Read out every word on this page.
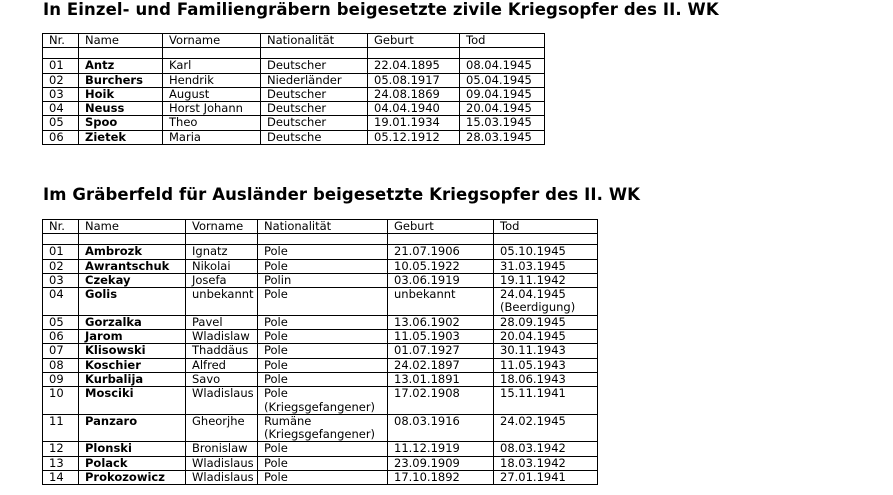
In Einzel- und Familiengräbern beigesetzte zivile Kriegsopfer des II. WK
Nr.	Name	Vorname	Nationalität	Geburt	Tod

01	Antz	Karl	Deutscher	22.04.1895	08.04.1945
02	Burchers	Hendrik	Niederländer	05.08.1917	05.04.1945
03	Hoik	August	Deutscher	24.08.1869	09.04.1945
04	Neuss	Horst Johann	Deutscher	04.04.1940	20.04.1945
05	Spoo	Theo	Deutscher	19.01.1934	15.03.1945
06	Zietek	Maria	Deutsche	05.12.1912	28.03.1945
Im Gräberfeld für Ausländer beigesetzte Kriegsopfer des II. WK
Nr.	Name	Vorname	Nationalität	Geburt	Tod

01	Ambrozk	Ignatz	Pole	21.07.1906	05.10.1945
02	Awrantschuk	Nikolai	Pole	10.05.1922	31.03.1945
03	Czekay	Josefa	Polin	03.06.1919	19.11.1942
04	Golis	unbekannt	Pole	unbekannt	24.04.1945 (Beerdigung)
05	Gorzalka	Pavel	Pole	13.06.1902	28.09.1945
06	Jarom	Wladislaw	Pole	11.05.1903	20.04.1945
07	Klisowski	Thaddäus	Pole	01.07.1927	30.11.1943
08	Koschier	Alfred	Pole	24.02.1897	11.05.1943
09	Kurbalija	Savo	Pole	13.01.1891	18.06.1943
10	Mosciki	Wladislaus	Pole (Kriegsgefangener)	17.02.1908	15.11.1941
11	Panzaro	Gheorjhe	Rumäne (Kriegsgefangener)	08.03.1916	24.02.1945
12	Plonski	Bronislaw	Pole	11.12.1919	08.03.1942
13	Polack	Wladislaus	Pole	23.09.1909	18.03.1942
14	Prokozowicz	Wladislaus	Pole	17.10.1892	27.01.1941
